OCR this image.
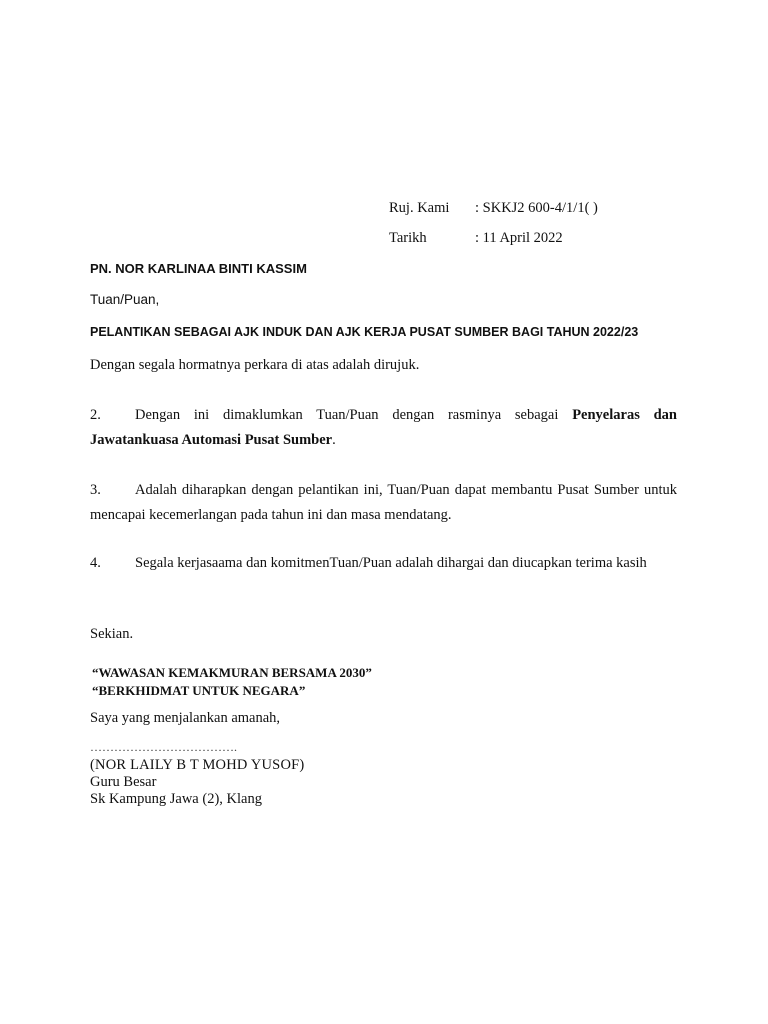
Ruj. Kami : SKKJ2 600-4/1/1( )
Tarikh	: 11 April 2022
PN. NOR KARLINAA BINTI KASSIM
Tuan/Puan,
PELANTIKAN SEBAGAI AJK INDUK DAN AJK KERJA PUSAT SUMBER BAGI TAHUN 2022/23
Dengan segala hormatnya perkara di atas adalah dirujuk.
2. Dengan ini dimaklumkan Tuan/Puan dengan rasminya sebagai Penyelaras dan Jawatankuasa Automasi Pusat Sumber.
3. Adalah diharapkan dengan pelantikan ini, Tuan/Puan dapat membantu Pusat Sumber untuk mencapai kecemerlangan pada tahun ini dan masa mendatang.
4. Segala kerjasaama dan komitmenTuan/Puan adalah dihargai dan diucapkan terima kasih
Sekian.
“WAWASAN KEMAKMURAN BERSAMA 2030”
“BERKHIDMAT UNTUK NEGARA”
Saya yang menjalankan amanah,
……………………………….
(NOR LAILY B T MOHD YUSOF)
Guru Besar
Sk Kampung Jawa (2), Klang
